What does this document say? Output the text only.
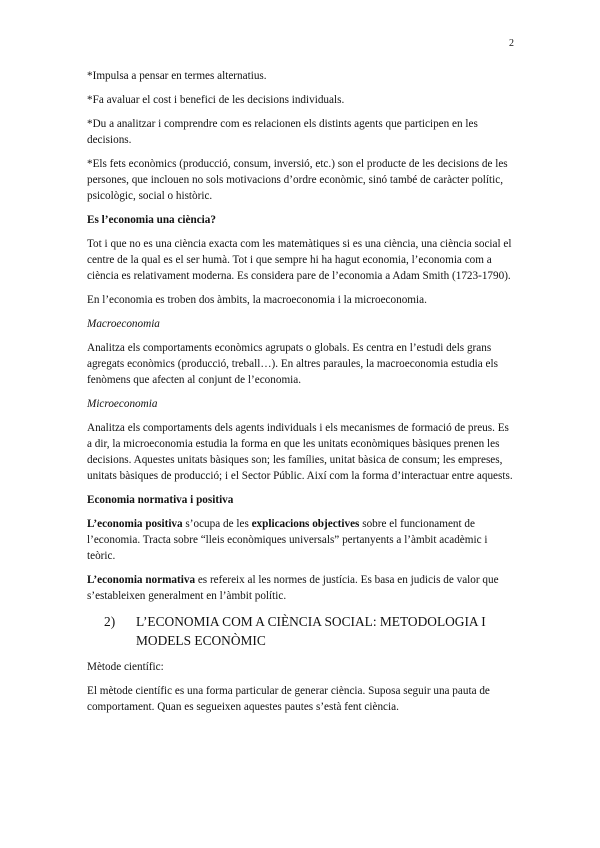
2

*Impulsa a pensar en termes alternatius.

*Fa avaluar el cost i benefici de les decisions individuals.

*Du a analitzar i comprendre com es relacionen els distints agents que participen en les decisions.

*Els fets econòmics (producció, consum, inversió, etc.) son el producte de les decisions de les persones, que inclouen no sols motivacions d’ordre econòmic, sinó també de caràcter polític, psicològic, social o històric.

Es l’economia una ciència?

Tot i que no es una ciència exacta com les matemàtiques si es una ciència, una ciència social el centre de la qual es el ser humà. Tot i que sempre hi ha hagut economia, l’economia com a ciència es relativament moderna. Es considera pare de l’economia a Adam Smith (1723-1790).

En l’economia es troben dos àmbits, la macroeconomia i la microeconomia.

Macroeconomia

Analitza els comportaments econòmics agrupats o globals. Es centra en l’estudi dels grans agregats econòmics (producció, treball…). En altres paraules, la macroeconomia estudia els fenòmens que afecten al conjunt de l’economia.

Microeconomia

Analitza els comportaments dels agents individuals i els mecanismes de formació de preus. Es a dir, la microeconomia estudia la forma en que les unitats econòmiques bàsiques prenen les decisions. Aquestes unitats bàsiques son; les famílies, unitat bàsica de consum; les empreses, unitats bàsiques de producció; i el Sector Públic. Així com la forma d’interactuar entre aquests.

Economia normativa i positiva

L’economia positiva s’ocupa de les explicacions objectives sobre el funcionament de l’economia. Tracta sobre “lleis econòmiques universals” pertanyents a l’àmbit acadèmic i teòric.

L’economia normativa es refereix al les normes de justícia. Es basa en judicis de valor que s’estableixen generalment en l’àmbit polític.

2)	L’ECONOMIA COM A CIÈNCIA SOCIAL: METODOLOGIA I MODELS ECONÒMIC

Mètode científic:

El mètode científic es una forma particular de generar ciència. Suposa seguir una pauta de comportament. Quan es segueixen aquestes pautes s’està fent ciència.
